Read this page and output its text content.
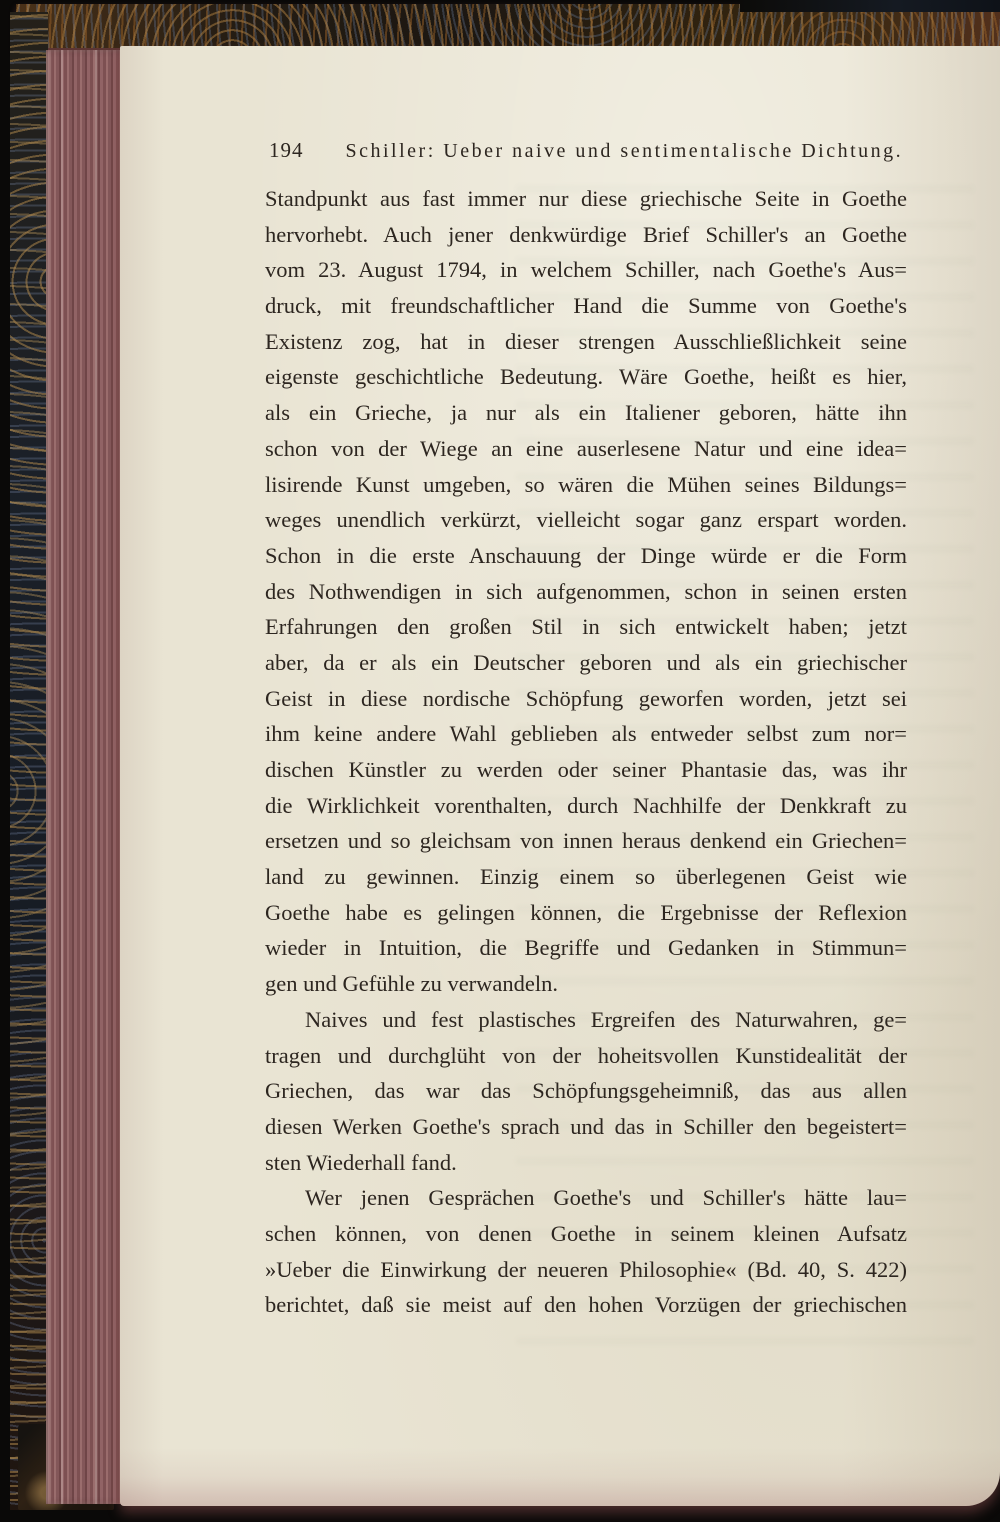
194 Schiller: Ueber naive und sentimentalische Dichtung.
Standpunkt aus fast immer nur diese griechische Seite in Goethe
hervorhebt. Auch jener denkwürdige Brief Schiller's an Goethe
vom 23. August 1794, in welchem Schiller, nach Goethe's Aus=
druck, mit freundschaftlicher Hand die Summe von Goethe's
Existenz zog, hat in dieser strengen Ausschließlichkeit seine
eigenste geschichtliche Bedeutung. Wäre Goethe, heißt es hier,
als ein Grieche, ja nur als ein Italiener geboren, hätte ihn
schon von der Wiege an eine auserlesene Natur und eine idea=
lisirende Kunst umgeben, so wären die Mühen seines Bildungs=
weges unendlich verkürzt, vielleicht sogar ganz erspart worden.
Schon in die erste Anschauung der Dinge würde er die Form
des Nothwendigen in sich aufgenommen, schon in seinen ersten
Erfahrungen den großen Stil in sich entwickelt haben; jetzt
aber, da er als ein Deutscher geboren und als ein griechischer
Geist in diese nordische Schöpfung geworfen worden, jetzt sei
ihm keine andere Wahl geblieben als entweder selbst zum nor=
dischen Künstler zu werden oder seiner Phantasie das, was ihr
die Wirklichkeit vorenthalten, durch Nachhilfe der Denkkraft zu
ersetzen und so gleichsam von innen heraus denkend ein Griechen=
land zu gewinnen. Einzig einem so überlegenen Geist wie
Goethe habe es gelingen können, die Ergebnisse der Reflexion
wieder in Intuition, die Begriffe und Gedanken in Stimmun=
gen und Gefühle zu verwandeln.
Naives und fest plastisches Ergreifen des Naturwahren, ge=
tragen und durchglüht von der hoheitsvollen Kunstidealität der
Griechen, das war das Schöpfungsgeheimniß, das aus allen
diesen Werken Goethe's sprach und das in Schiller den begeistert=
sten Wiederhall fand.
Wer jenen Gesprächen Goethe's und Schiller's hätte lau=
schen können, von denen Goethe in seinem kleinen Aufsatz
»Ueber die Einwirkung der neueren Philosophie« (Bd. 40, S. 422)
berichtet, daß sie meist auf den hohen Vorzügen der griechischen
